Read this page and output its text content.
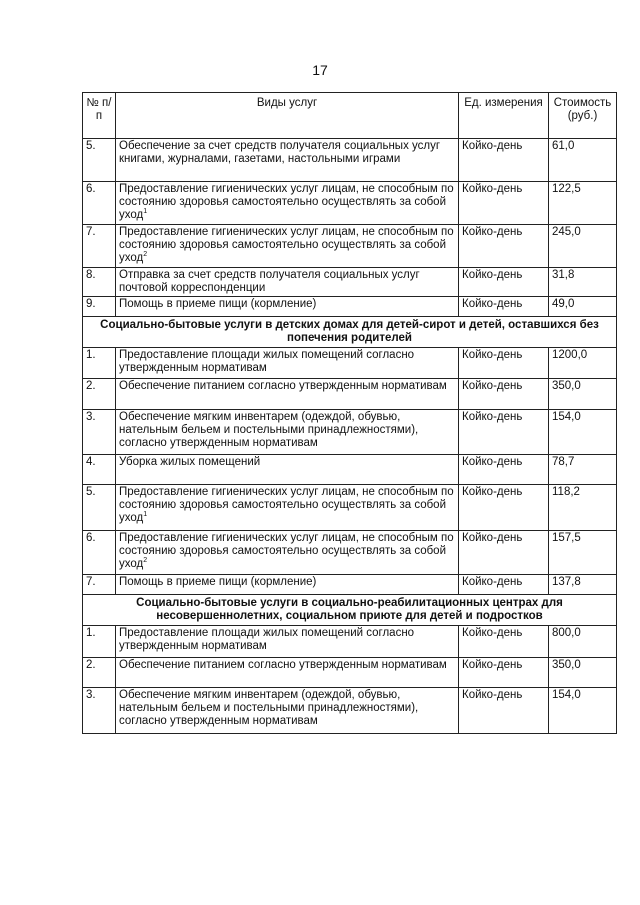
17
№ п/п	Виды услуг	Ед. измерения	Стоимость (руб.)
5.	Обеспечение за счет средств получателя социальных услуг книгами, журналами, газетами, настольными играми	Койко-день	61,0
6.	Предоставление гигиенических услуг лицам, не способным по состоянию здоровья самостоятельно осуществлять за собой уход$^1$	Койко-день	122,5
7.	Предоставление гигиенических услуг лицам, не способным по состоянию здоровья самостоятельно осуществлять за собой уход$^2$	Койко-день	245,0
8.	Отправка за счет средств получателя социальных услуг почтовой корреспонденции	Койко-день	31,8
9.	Помощь в приеме пищи (кормление)	Койко-день	49,0
Социально-бытовые услуги в детских домах для детей-сирот и детей, оставшихся без попечения родителей			
1.	Предоставление площади жилых помещений согласно утвержденным нормативам	Койко-день	1200,0
2.	Обеспечение питанием согласно утвержденным нормативам	Койко-день	350,0
3.	Обеспечение мягким инвентарем (одеждой, обувью, нательным бельем и постельными принадлежностями), согласно утвержденным нормативам	Койко-день	154,0
4.	Уборка жилых помещений	Койко-день	78,7
5.	Предоставление гигиенических услуг лицам, не способным по состоянию здоровья самостоятельно осуществлять за собой уход$^1$	Койко-день	118,2
6.	Предоставление гигиенических услуг лицам, не способным по состоянию здоровья самостоятельно осуществлять за собой уход$^2$	Койко-день	157,5
7.	Помощь в приеме пищи (кормление)	Койко-день	137,8
Социально-бытовые услуги в социально-реабилитационных центрах для несовершеннолетних, социальном приюте для детей и подростков			
1.	Предоставление площади жилых помещений согласно утвержденным нормативам	Койко-день	800,0
2.	Обеспечение питанием согласно утвержденным нормативам	Койко-день	350,0
3.	Обеспечение мягким инвентарем (одеждой, обувью, нательным бельем и постельными принадлежностями), согласно утвержденным нормативам	Койко-день	154,0
